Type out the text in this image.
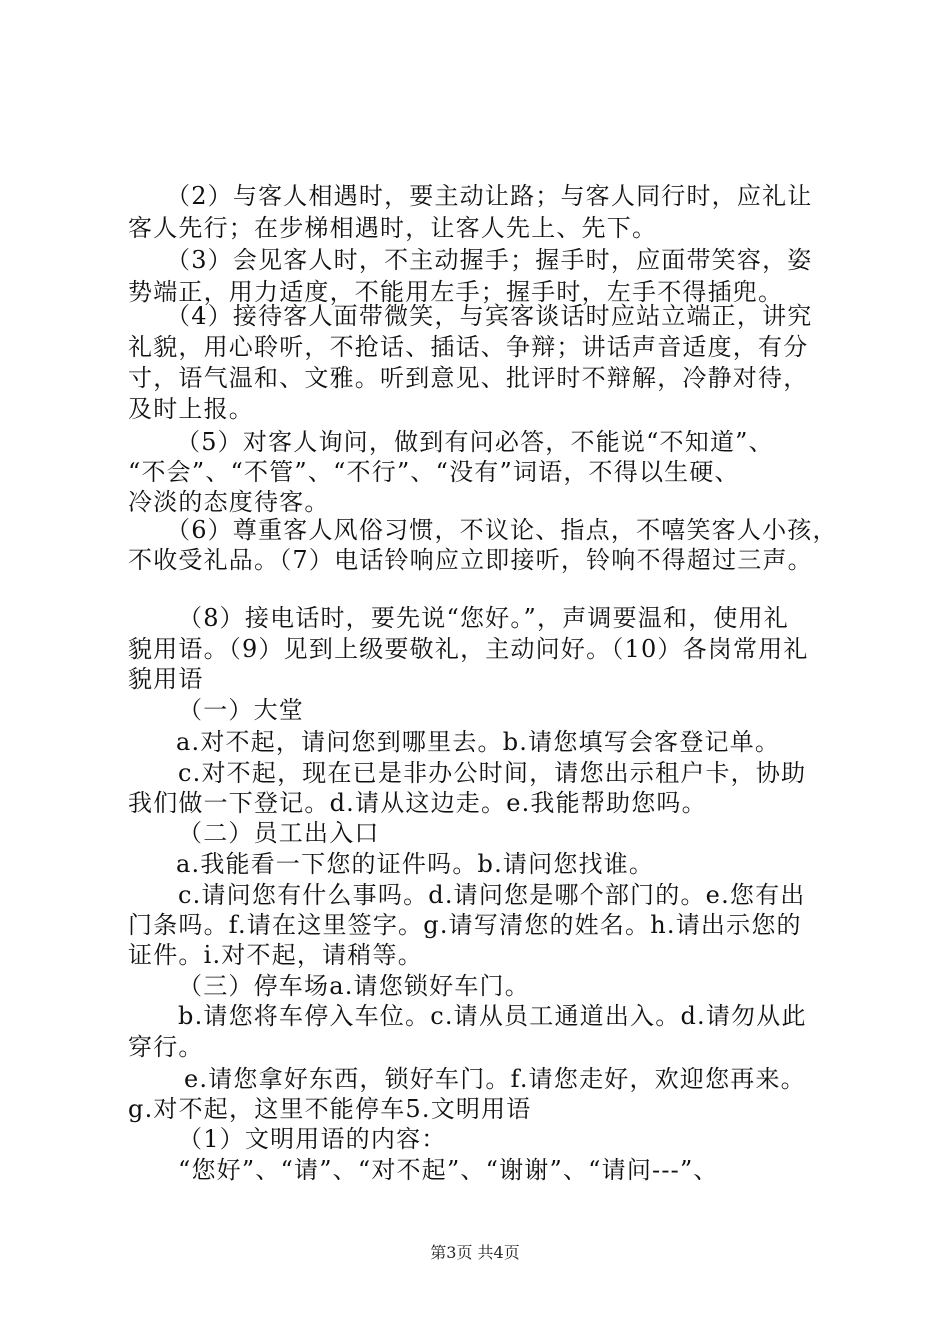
（2）与客人相遇时，要主动让路；与客人同行时，应礼让

客人先行；在步梯相遇时，让客人先上、先下。

（3）会见客人时，不主动握手；握手时，应面带笑容，姿

势端正，用力适度，不能用左手；握手时，左手不得插兜。

（4）接待客人面带微笑，与宾客谈话时应站立端正，讲究

礼貌，用心聆听，不抢话、插话、争辩；讲话声音适度，有分

寸，语气温和、文雅。听到意见、批评时不辩解，冷静对待，

及时上报。

（5）对客人询问，做到有问必答，不能说“不知道”、

“不会”、“不管”、“不行”、“没有”词语，不得以生硬、

冷淡的态度待客。

（6）尊重客人风俗习惯，不议论、指点，不嘻笑客人小孩，

不收受礼品。（7）电话铃响应立即接听，铃响不得超过三声。

（8）接电话时，要先说“您好。”，声调要温和，使用礼

貌用语。（9）见到上级要敬礼，主动问好。（10）各岗常用礼

貌用语

（一）大堂

a.对不起，请问您到哪里去。b.请您填写会客登记单。

c.对不起，现在已是非办公时间，请您出示租户卡，协助

我们做一下登记。d.请从这边走。e.我能帮助您吗。

（二）员工出入口

a.我能看一下您的证件吗。b.请问您找谁。

c.请问您有什么事吗。d.请问您是哪个部门的。e.您有出

门条吗。f.请在这里签字。g.请写清您的姓名。h.请出示您的

证件。i.对不起，请稍等。

（三）停车场a.请您锁好车门。

b.请您将车停入车位。c.请从员工通道出入。d.请勿从此

穿行。

e.请您拿好东西，锁好车门。f.请您走好，欢迎您再来。

g.对不起，这里不能停车5.文明用语

（1）文明用语的内容：

“您好”、“请”、“对不起”、“谢谢”、“请问---”、

第3页 共4页
